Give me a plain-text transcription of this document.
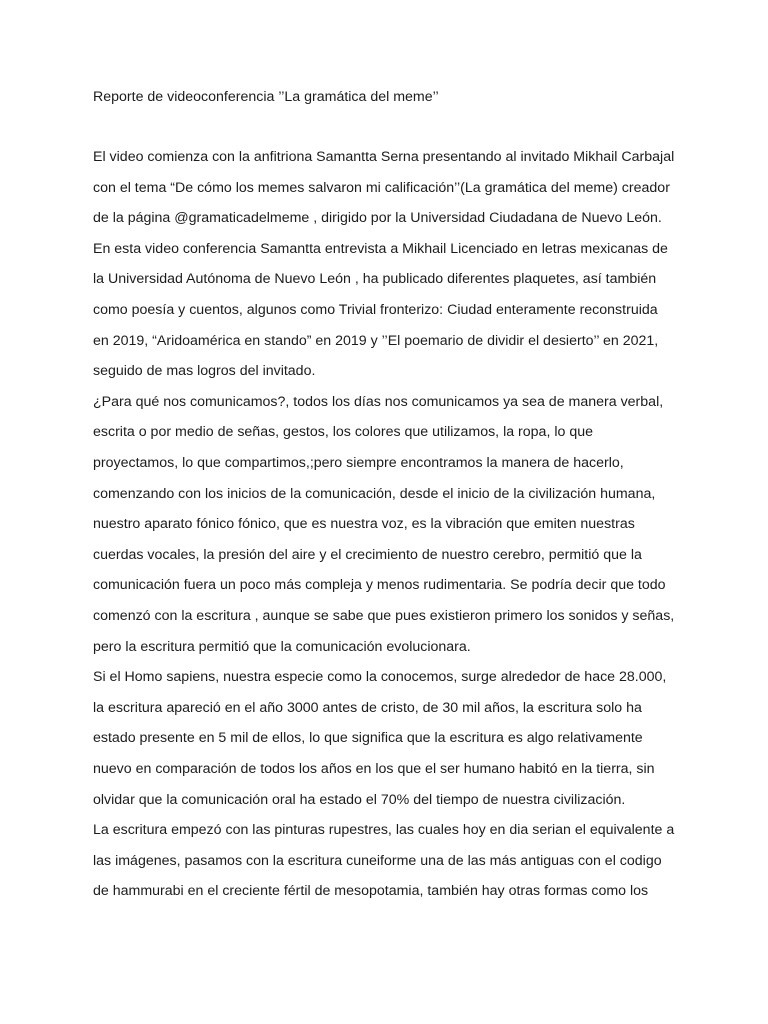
Reporte de videoconferencia ’’La gramática del meme’’
El video comienza con la anfitriona Samantta Serna presentando al invitado Mikhail Carbajal
con el tema “De cómo los memes salvaron mi calificación’’(La gramática del meme) creador
de la página @gramaticadelmeme , dirigido por la Universidad Ciudadana de Nuevo León.
En esta video conferencia Samantta entrevista a Mikhail Licenciado en letras mexicanas de
la Universidad Autónoma de Nuevo León , ha publicado diferentes plaquetes, así también
como poesía y cuentos, algunos como Trivial fronterizo: Ciudad enteramente reconstruida
en 2019, “Aridoamérica en stando” en 2019 y ’’El poemario de dividir el desierto’’ en 2021,
seguido de mas logros del invitado.
¿Para qué nos comunicamos?, todos los días nos comunicamos ya sea de manera verbal,
escrita o por medio de señas, gestos, los colores que utilizamos, la ropa, lo que
proyectamos, lo que compartimos,;pero siempre encontramos la manera de hacerlo,
comenzando con los inicios de la comunicación, desde el inicio de la civilización humana,
nuestro aparato fónico fónico, que es nuestra voz, es la vibración que emiten nuestras
cuerdas vocales, la presión del aire y el crecimiento de nuestro cerebro, permitió que la
comunicación fuera un poco más compleja y menos rudimentaria. Se podría decir que todo
comenzó con la escritura , aunque se sabe que pues existieron primero los sonidos y señas,
pero la escritura permitió que la comunicación evolucionara.
Si el Homo sapiens, nuestra especie como la conocemos, surge alrededor de hace 28.000,
la escritura apareció en el año 3000 antes de cristo, de 30 mil años, la escritura solo ha
estado presente en 5 mil de ellos, lo que significa que la escritura es algo relativamente
nuevo en comparación de todos los años en los que el ser humano habitó en la tierra, sin
olvidar que la comunicación oral ha estado el 70% del tiempo de nuestra civilización.
La escritura empezó con las pinturas rupestres, las cuales hoy en dia serian el equivalente a
las imágenes, pasamos con la escritura cuneiforme una de las más antiguas con el codigo
de hammurabi en el creciente fértil de mesopotamia, también hay otras formas como los
